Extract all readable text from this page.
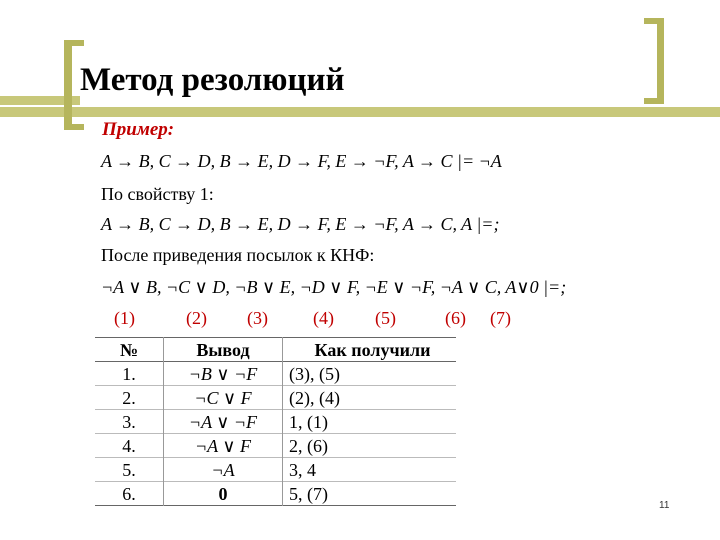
Метод резолюций
Пример:
A → B, C → D, B → E, D → F, E → ¬F, A → C |= ¬A
По свойству 1:
A → B, C → D, B → E, D → F, E → ¬F, A → C, A |=;
После приведения посылок к КНФ:
¬A ∨ B, ¬C ∨ D, ¬B ∨ E, ¬D ∨ F, ¬E ∨ ¬F, ¬A ∨ C, A∨0 |=;
(1)	(2) (3)	(4) (5)	(6) (7)
№	Вывод	Как получили
1.	¬B ∨ ¬F	(3), (5)
2.	¬C ∨ F	(2), (4)
3.	¬A ∨ ¬F	1, (1)
4.	¬A ∨ F	2, (6)
5.	¬A	3, 4
6.	0	5, (7)
11
